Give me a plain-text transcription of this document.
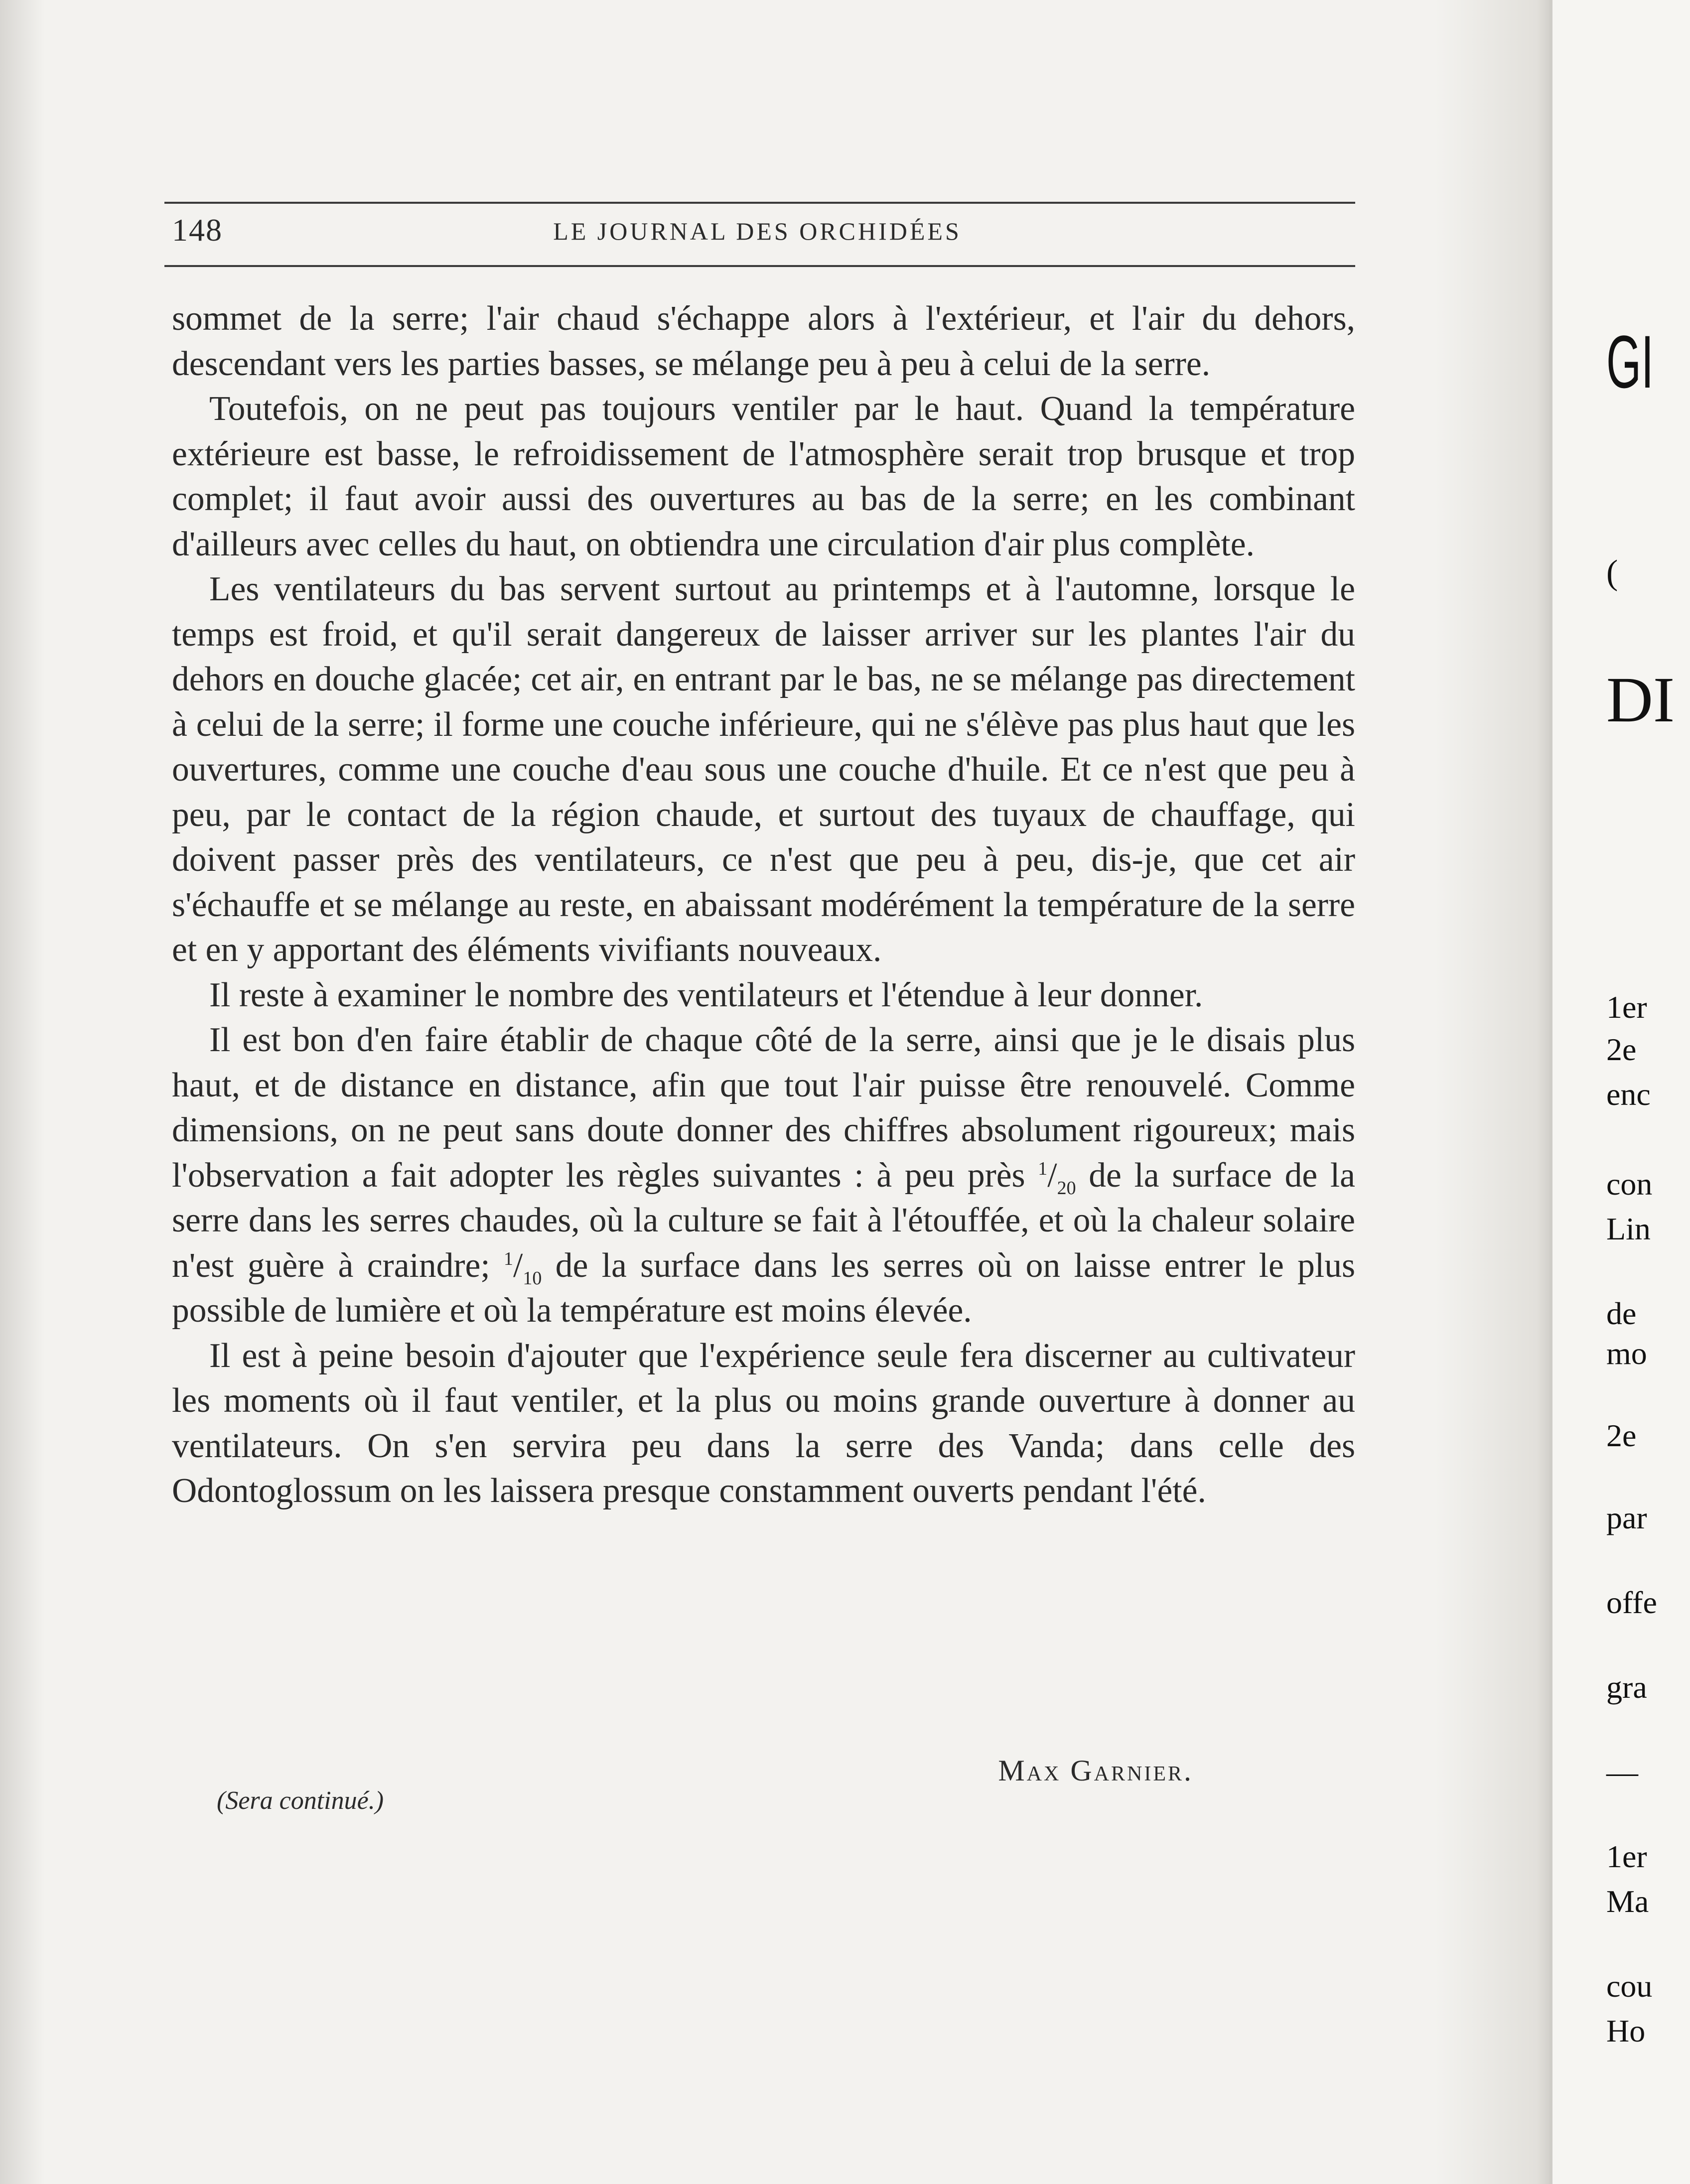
148	LE JOURNAL DES ORCHIDÉES

sommet de la serre; l'air chaud s'échappe alors à l'extérieur, et l'air du dehors, descendant vers les parties basses, se mélange peu à peu à celui de la serre.

Toutefois, on ne peut pas toujours ventiler par le haut. Quand la température extérieure est basse, le refroidissement de l'atmosphère serait trop brusque et trop complet; il faut avoir aussi des ouvertures au bas de la serre; en les combinant d'ailleurs avec celles du haut, on obtiendra une circulation d'air plus complète.

Les ventilateurs du bas servent surtout au printemps et à l'automne, lorsque le temps est froid, et qu'il serait dangereux de laisser arriver sur les plantes l'air du dehors en douche glacée; cet air, en entrant par le bas, ne se mélange pas directement à celui de la serre; il forme une couche inférieure, qui ne s'élève pas plus haut que les ouvertures, comme une couche d'eau sous une couche d'huile. Et ce n'est que peu à peu, par le contact de la région chaude, et surtout des tuyaux de chauffage, qui doivent passer près des ventilateurs, ce n'est que peu à peu, dis-je, que cet air s'échauffe et se mélange au reste, en abaissant modérément la température de la serre et en y apportant des éléments vivifiants nouveaux.

Il reste à examiner le nombre des ventilateurs et l'étendue à leur donner.

Il est bon d'en faire établir de chaque côté de la serre, ainsi que je le disais plus haut, et de distance en distance, afin que tout l'air puisse être renouvelé. Comme dimensions, on ne peut sans doute donner des chiffres absolument rigoureux; mais l'observation a fait adopter les règles suivantes : à peu près $^1/_{20}$ de la surface de la serre dans les serres chaudes, où la culture se fait à l'étouffée, et où la chaleur solaire n'est guère à craindre; $^1/_{10}$ de la surface dans les serres où on laisse entrer le plus possible de lumière et où la température est moins élevée.

Il est à peine besoin d'ajouter que l'expérience seule fera discerner au cultivateur les moments où il faut ventiler, et la plus ou moins grande ouverture à donner au ventilateurs. On s'en servira peu dans la serre des Vanda; dans celle des Odontoglossum on les laissera presque constamment ouverts pendant l'été.

Max Garnier.
(Sera continué.)
GI
(
DI
1er
2e
enc
con
Lin
de
mo
2e
par
offe
gra
—
1er
Ma
cou
Ho
